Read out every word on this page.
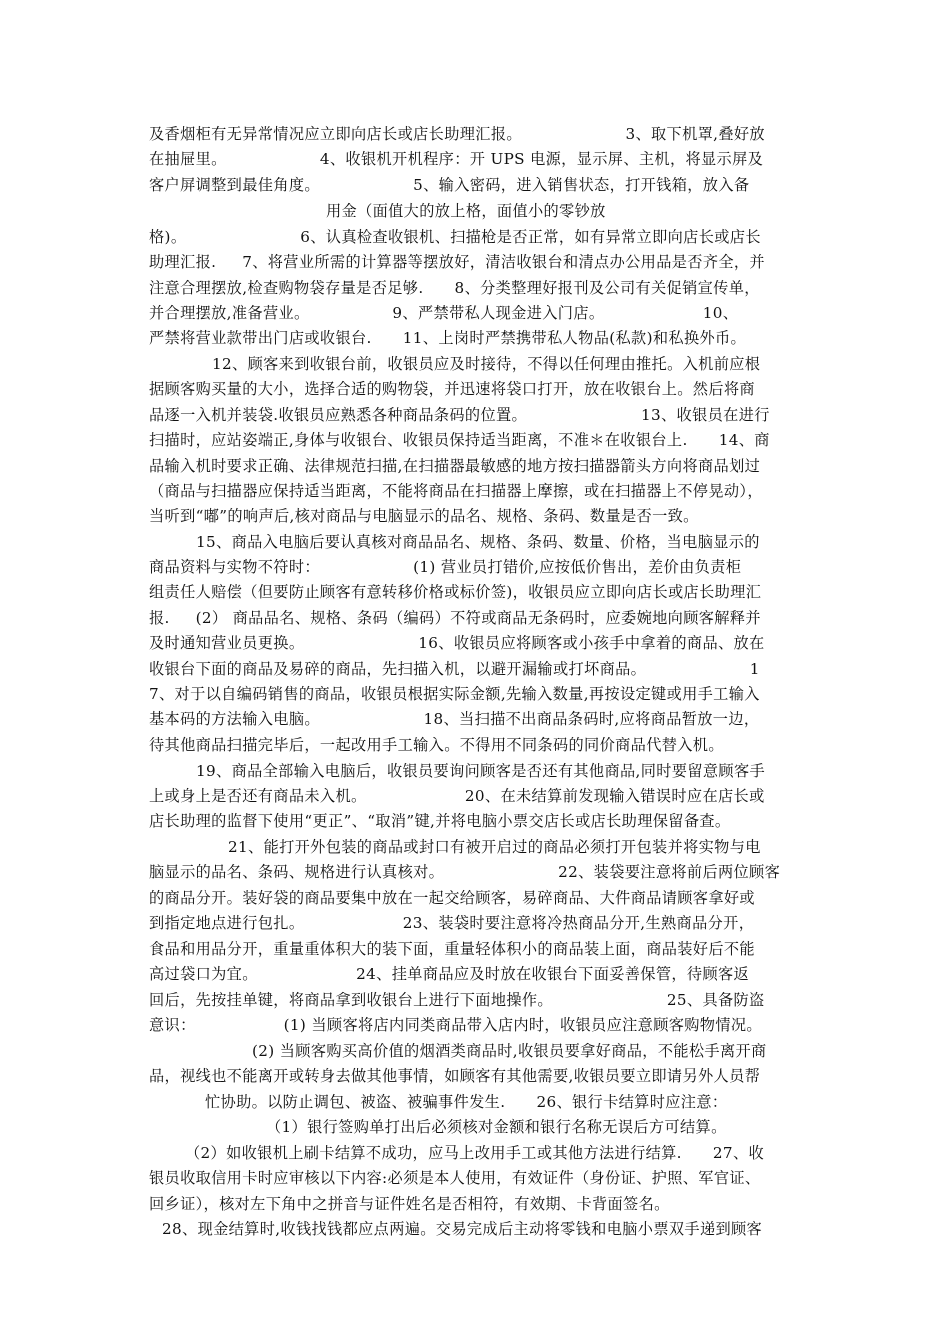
及香烟柜有无异常情况应立即向店长或店长助理汇报。                    3、取下机罩,叠好放
在抽屉里。                  4、收银机开机程序：开 UPS 电源，显示屏、主机，将显示屏及
客户屏调整到最佳角度。                  5、输入密码，进入销售状态，打开钱箱，放入备
用金（面值大的放上格，面值小的零钞放
格)。                      6、认真检查收银机、扫描枪是否正常，如有异常立即向店长或店长
助理汇报.     7、将营业所需的计算器等摆放好，清洁收银台和清点办公用品是否齐全，并
注意合理摆放,检查购物袋存量是否足够.      8、分类整理好报刊及公司有关促销宣传单，
并合理摆放,准备营业。                9、严禁带私人现金进入门店。                   10、
严禁将营业款带出门店或收银台.      11、上岗时严禁携带私人物品(私款)和私换外币。
12、顾客来到收银台前，收银员应及时接待，不得以任何理由推托。入机前应根
据顾客购买量的大小，选择合适的购物袋，并迅速将袋口打开，放在收银台上。然后将商
品逐一入机并装袋.收银员应熟悉各种商品条码的位置。                      13、收银员在进行
扫描时，应站姿端正,身体与收银台、收银员保持适当距离，不准＊在收银台上.      14、商
品输入机时要求正确、法律规范扫描,在扫描器最敏感的地方按扫描器箭头方向将商品划过
（商品与扫描器应保持适当距离，不能将商品在扫描器上摩擦，或在扫描器上不停晃动），
当听到“嘟”的响声后,核对商品与电脑显示的品名、规格、条码、数量是否一致。
15、商品入电脑后要认真核对商品品名、规格、条码、数量、价格，当电脑显示的
商品资料与实物不符时：                  (1) 营业员打错价,应按低价售出，差价由负责柜
组责任人赔偿（但要防止顾客有意转移价格或标价签)，收银员应立即向店长或店长助理汇
报.     (2） 商品品名、规格、条码（编码）不符或商品无条码时，应委婉地向顾客解释并
及时通知营业员更换。                      16、收银员应将顾客或小孩手中拿着的商品、放在
收银台下面的商品及易碎的商品，先扫描入机，以避开漏输或打坏商品。                    1
7、对于以自编码销售的商品，收银员根据实际金额,先输入数量,再按设定键或用手工输入
基本码的方法输入电脑。                    18、当扫描不出商品条码时,应将商品暂放一边，
待其他商品扫描完毕后，一起改用手工输入。不得用不同条码的同价商品代替入机。
19、商品全部输入电脑后，收银员要询问顾客是否还有其他商品,同时要留意顾客手
上或身上是否还有商品未入机。                   20、在未结算前发现输入错误时应在店长或
店长助理的监督下使用“更正”、“取消”键,并将电脑小票交店长或店长助理保留备查。
21、能打开外包装的商品或封口有被开启过的商品必须打开包装并将实物与电
脑显示的品名、条码、规格进行认真核对。                      22、装袋要注意将前后两位顾客
的商品分开。装好袋的商品要集中放在一起交给顾客，易碎商品、大件商品请顾客拿好或
到指定地点进行包扎。                   23、装袋时要注意将冷热商品分开,生熟商品分开，
食品和用品分开，重量重体积大的装下面，重量轻体积小的商品装上面，商品装好后不能
高过袋口为宜。                   24、挂单商品应及时放在收银台下面妥善保管，待顾客返
回后，先按挂单键，将商品拿到收银台上进行下面地操作。                      25、具备防盗
意识：                 (1) 当顾客将店内同类商品带入店内时，收银员应注意顾客购物情况。
(2) 当顾客购买高价值的烟酒类商品时,收银员要拿好商品，不能松手离开商
品，视线也不能离开或转身去做其他事情，如顾客有其他需要,收银员要立即请另外人员帮
忙协助。以防止调包、被盗、被骗事件发生.      26、银行卡结算时应注意：
（1）银行签购单打出后必须核对金额和银行名称无误后方可结算。
（2）如收银机上刷卡结算不成功，应马上改用手工或其他方法进行结算.      27、收
银员收取信用卡时应审核以下内容:必须是本人使用，有效证件（身份证、护照、军官证、
回乡证），核对左下角中之拼音与证件姓名是否相符，有效期、卡背面签名。
28、现金结算时,收钱找钱都应点两遍。交易完成后主动将零钱和电脑小票双手递到顾客
